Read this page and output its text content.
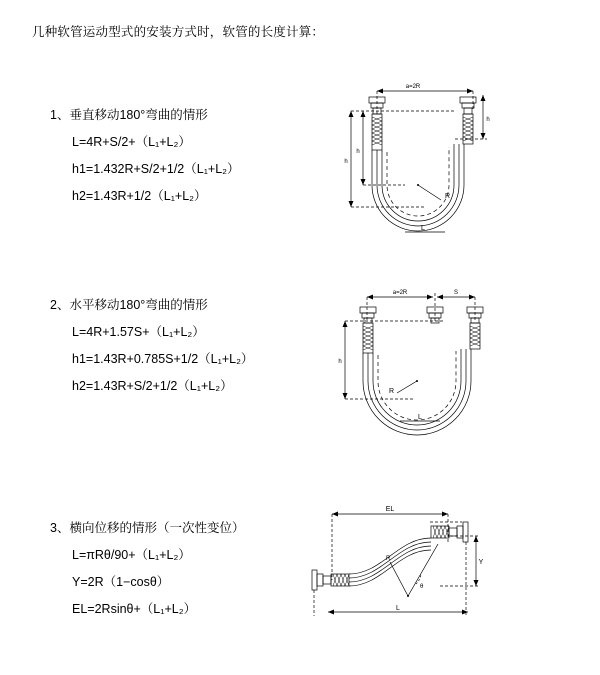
几种软管运动型式的安装方式时，软管的长度计算：
1、垂直移动180°弯曲的情形
L=4R+S/2+（L₁+L₂）
h1=1.432R+S/2+1/2（L₁+L₂）
h2=1.43R+1/2（L₁+L₂）
a=2R
h
h
h
R
L
2、水平移动180°弯曲的情形
L=4R+1.57S+（L₁+L₂）
h1=1.43R+0.785S+1/2（L₁+L₂）
h2=1.43R+S/2+1/2（L₁+L₂）
a=2R	S
h
R
L
3、横向位移的情形（一次性变位）
L=πRθ/90+（L₁+L₂）
Y=2R（1−cosθ）
EL=2Rsinθ+（L₁+L₂）
EL
Y
L
θ
R
